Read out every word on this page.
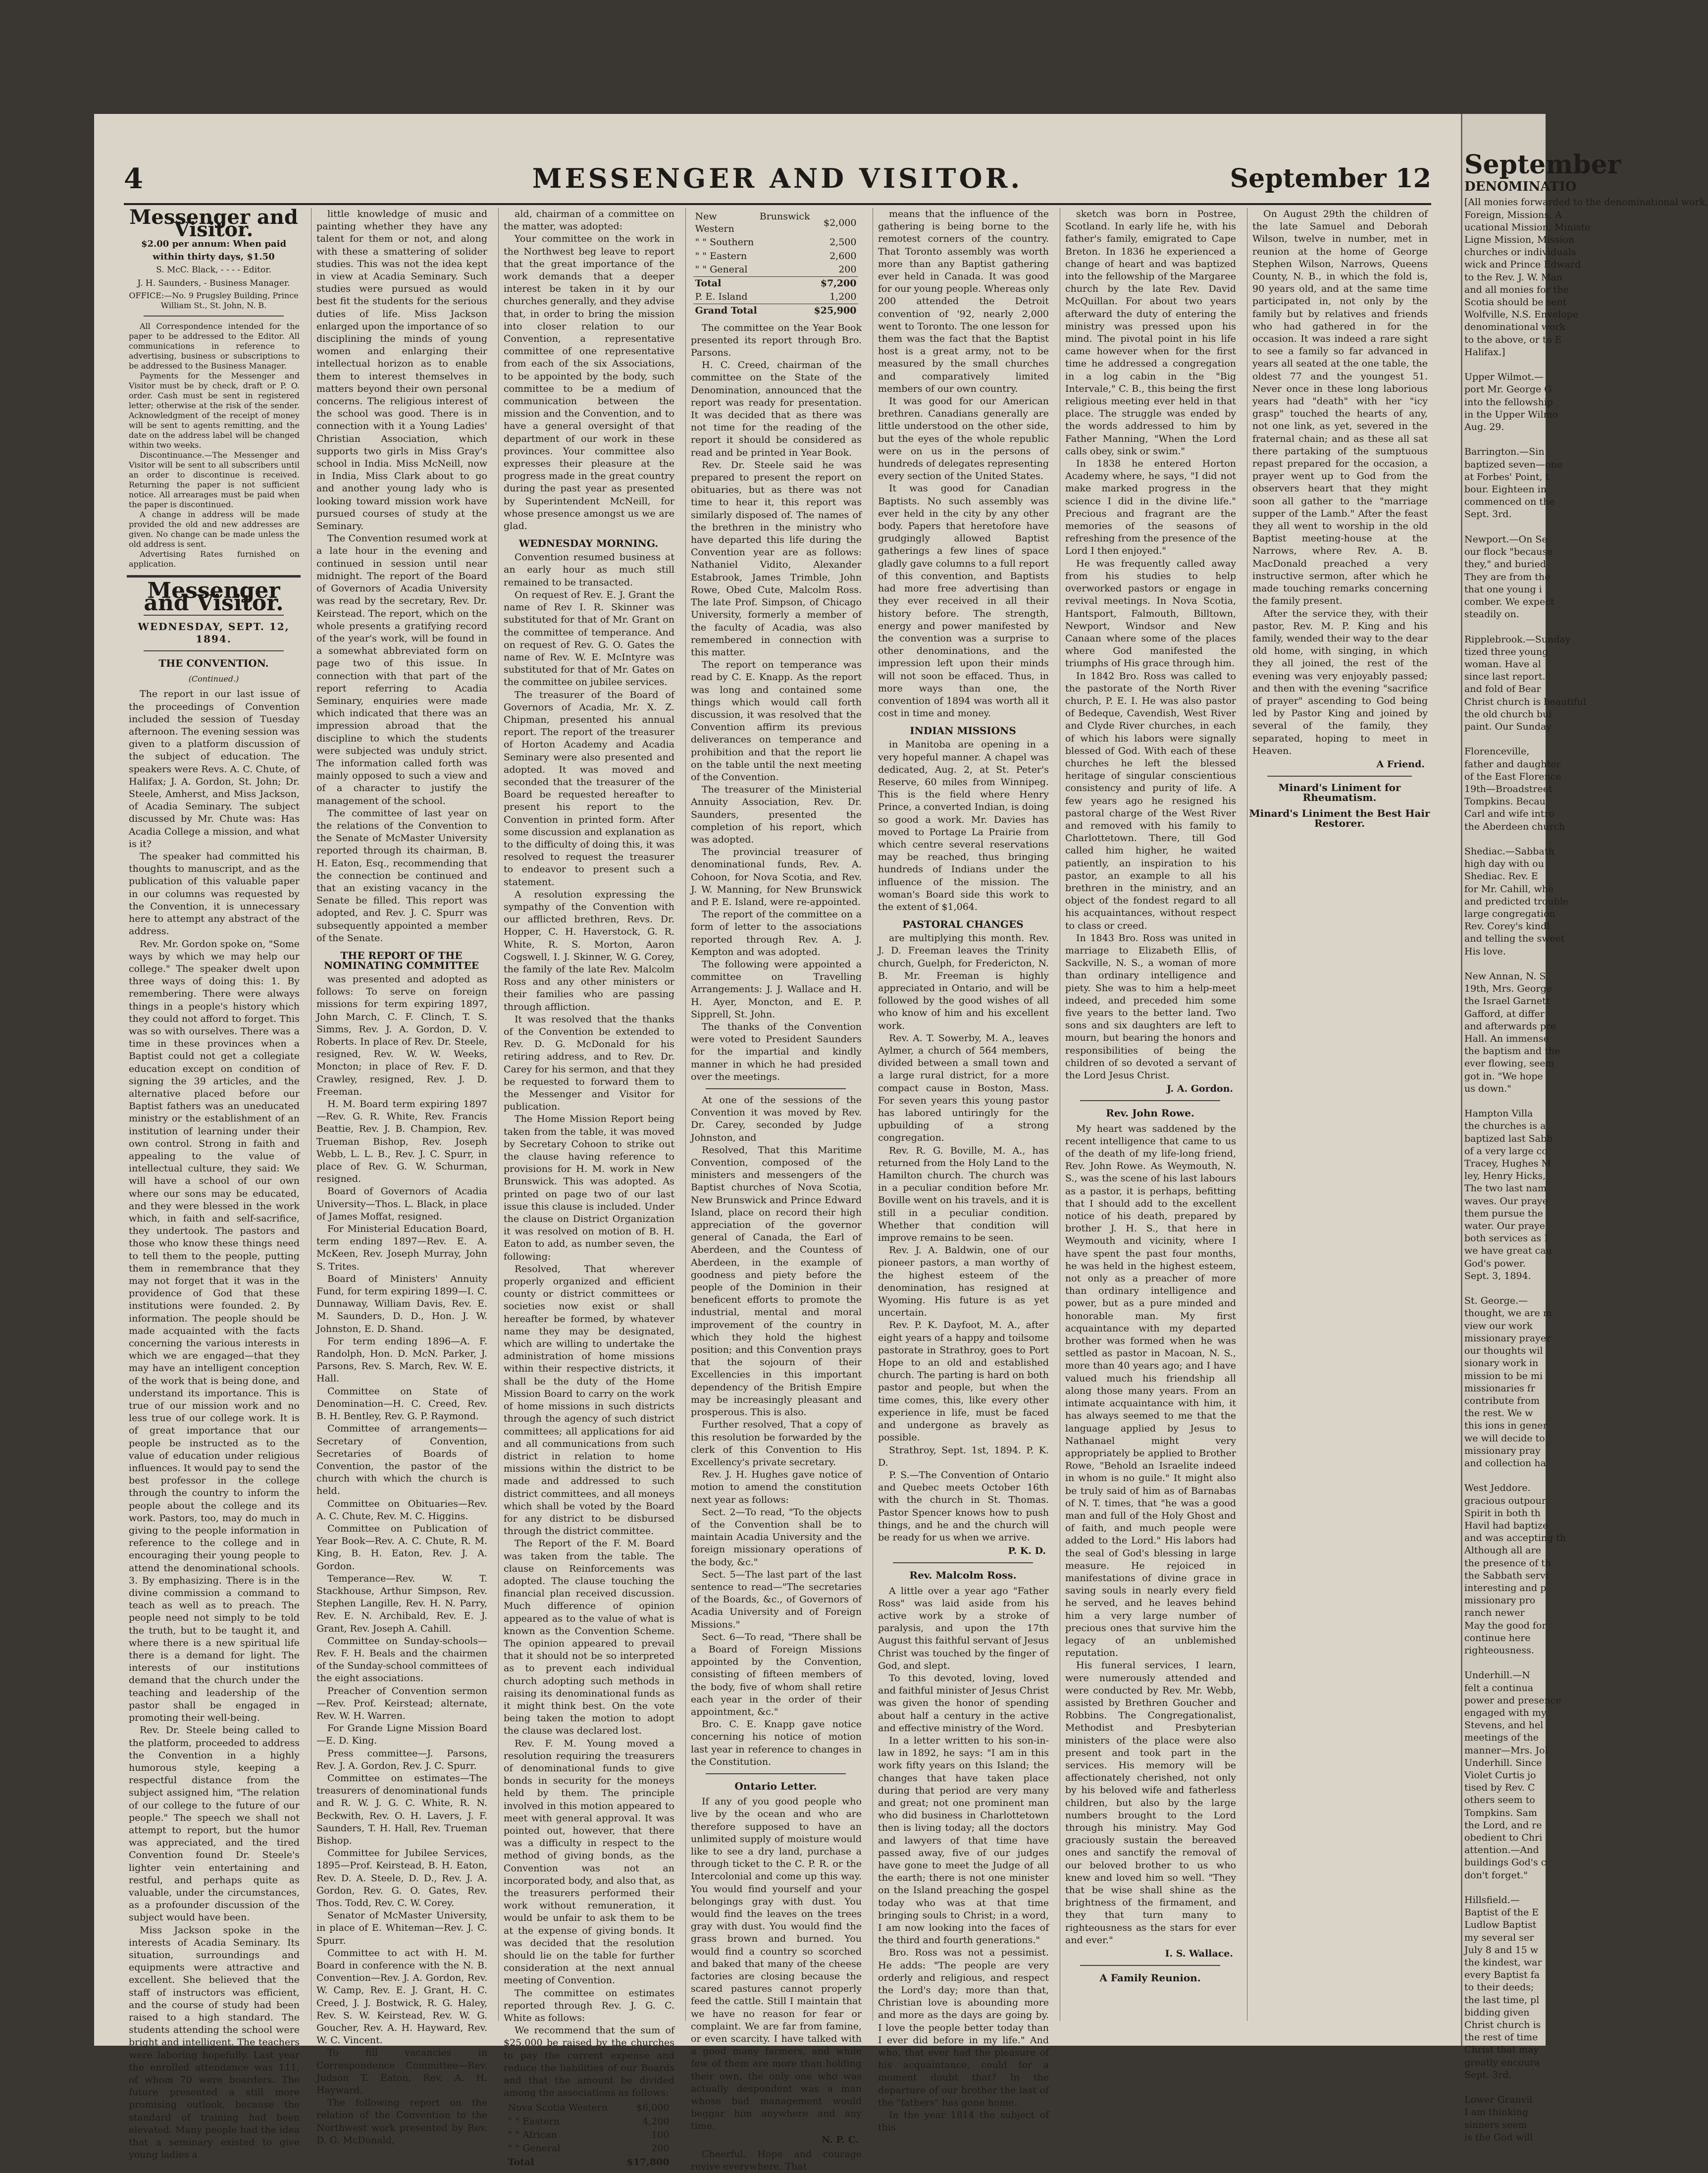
4	MESSENGER AND VISITOR.	September 12
Messenger and Visitor.
$2.00 per annum: When paid within thirty days, $1.50
S. McC. Black, - - - - Editor.
J. H. Saunders, - Business Manager.
OFFICE:—No. 9 Prugsley Building, Prince William St., St. John, N. B.

All Correspondence intended for the paper to be addressed to the Editor. All communications in reference to advertising, business or subscriptions to be addressed to the Business Manager.

Payments for the Messenger and Visitor must be by check, draft or P. O. order. Cash must be sent in registered letter; otherwise at the risk of the sender. Acknowledgment of the receipt of money will be sent to agents remitting, and the date on the address label will be changed within two weeks.

Discontinuance.—The Messenger and Visitor will be sent to all subscribers until an order to discontinue is received. Returning the paper is not sufficient notice. All arrearages must be paid when the paper is discontinued.

A change in address will be made provided the old and new addresses are given. No change can be made unless the old address is sent.

Advertising Rates furnished on application.

Messenger and Visitor.
WEDNESDAY, SEPT. 12, 1894.
THE CONVENTION.
(Continued.)

The report in our last issue of the proceedings of Convention included the session of Tuesday afternoon. The evening session was given to a platform discussion of the subject of education. The speakers were Revs. A. C. Chute, of Halifax; J. A. Gordon, St. John; Dr. Steele, Amherst, and Miss Jackson, of Acadia Seminary. The subject discussed by Mr. Chute was: Has Acadia College a mission, and what is it?

The speaker had committed his thoughts to manuscript, and as the publication of this valuable paper in our columns was requested by the Convention, it is unnecessary here to attempt any abstract of the address.

Rev. Mr. Gordon spoke on, "Some ways by which we may help our college." The speaker dwelt upon three ways of doing this: 1. By remembering. There were always things in a people's history which they could not afford to forget. This was so with ourselves. There was a time in these provinces when a Baptist could not get a collegiate education except on condition of signing the 39 articles, and the alternative placed before our Baptist fathers was an uneducated ministry or the establishment of an institution of learning under their own control. Strong in faith and appealing to the value of intellectual culture, they said: We will have a school of our own where our sons may be educated, and they were blessed in the work which, in faith and self-sacrifice, they undertook. The pastors and those who know these things need to tell them to the people, putting them in remembrance that they may not forget that it was in the providence of God that these institutions were founded. 2. By information. The people should be made acquainted with the facts concerning the various interests in which we are engaged—that they may have an intelligent conception of the work that is being done, and understand its importance. This is true of our mission work and no less true of our college work. It is of great importance that our people be instructed as to the value of education under religious influences. It would pay to send the best professor in the college through the country to inform the people about the college and its work. Pastors, too, may do much in giving to the people information in reference to the college and in encouraging their young people to attend the denominational schools. 3. By emphasizing. There is in the divine commission a command to teach as well as to preach. The people need not simply to be told the truth, but to be taught it, and where there is a new spiritual life there is a demand for light. The interests of our institutions demand that the church under the teaching and leadership of the pastor shall be engaged in promoting their well-being.

Rev. Dr. Steele being called to the platform, proceeded to address the Convention in a highly humorous style, keeping a respectful distance from the subject assigned him, "The relation of our college to the future of our people." The speech we shall not attempt to report, but the humor was appreciated, and the tired Convention found Dr. Steele's lighter vein entertaining and restful, and perhaps quite as valuable, under the circumstances, as a profounder discussion of the subject would have been.

Miss Jackson spoke in the interests of Acadia Seminary. Its situation, surroundings and equipments were attractive and excellent. She believed that the staff of instructors was efficient, and the course of study had been raised to a high standard. The students attending the school were bright and intelligent. The teachers were laboring hopefully. Last year the enrolled attendance was 111, of whom 70 were boarders. The future presented a still more promising outlook, because the standard of training had been elevated. Many people had the idea that a seminary existed to give young ladies a

little knowledge of music and painting whether they have any talent for them or not, and along with these a smattering of solider studies. This was not the idea kept in view at Acadia Seminary. Such studies were pursued as would best fit the students for the serious duties of life. Miss Jackson enlarged upon the importance of so disciplining the minds of young women and enlarging their intellectual horizon as to enable them to interest themselves in matters beyond their own personal concerns. The religious interest of the school was good. There is in connection with it a Young Ladies' Christian Association, which supports two girls in Miss Gray's school in India. Miss McNeill, now in India, Miss Clark about to go and another young lady who is looking toward mission work have pursued courses of study at the Seminary.

The Convention resumed work at a late hour in the evening and continued in session until near midnight. The report of the Board of Governors of Acadia University was read by the secretary, Rev. Dr. Keirstead. The report, which on the whole presents a gratifying record of the year's work, will be found in a somewhat abbreviated form on page two of this issue. In connection with that part of the report referring to Acadia Seminary, enquiries were made which indicated that there was an impression abroad that the discipline to which the students were subjected was unduly strict. The information called forth was mainly opposed to such a view and of a character to justify the management of the school.

The committee of last year on the relations of the Convention to the Senate of McMaster University reported through its chairman, B. H. Eaton, Esq., recommending that the connection be continued and that an existing vacancy in the Senate be filled. This report was adopted, and Rev. J. C. Spurr was subsequently appointed a member of the Senate.

THE REPORT OF THE NOMINATING COMMITTEE

was presented and adopted as follows: To serve on foreign missions for term expiring 1897, John March, C. F. Clinch, T. S. Simms, Rev. J. A. Gordon, D. V. Roberts. In place of Rev. Dr. Steele, resigned, Rev. W. W. Weeks, Moncton; in place of Rev. F. D. Crawley, resigned, Rev. J. D. Freeman.

H. M. Board term expiring 1897—Rev. G. R. White, Rev. Francis Beattie, Rev. J. B. Champion, Rev. Trueman Bishop, Rev. Joseph Webb, L. L. B., Rev. J. C. Spurr, in place of Rev. G. W. Schurman, resigned.

Board of Governors of Acadia University—Thos. L. Black, in place of James Moffat, resigned.

For Ministerial Education Board, term ending 1897—Rev. E. A. McKeen, Rev. Joseph Murray, John S. Trites.

Board of Ministers' Annuity Fund, for term expiring 1899—I. C. Dunnaway, William Davis, Rev. E. M. Saunders, D. D., Hon. J. W. Johnston, E. D. Shand.

For term ending 1896—A. F. Randolph, Hon. D. McN. Parker, J. Parsons, Rev. S. March, Rev. W. E. Hall.

Committee on State of Denomination—H. C. Creed, Rev. B. H. Bentley, Rev. G. P. Raymond.

Committee of arrangements—Secretary of Convention, Secretaries of Boards of Convention, the pastor of the church with which the church is held.

Committee on Obituaries—Rev. A. C. Chute, Rev. M. C. Higgins.

Committee on Publication of Year Book—Rev. A. C. Chute, R. M. King, B. H. Eaton, Rev. J. A. Gordon.

Temperance—Rev. W. T. Stackhouse, Arthur Simpson, Rev. Stephen Langille, Rev. H. N. Parry, Rev. E. N. Archibald, Rev. E. J. Grant, Rev. Joseph A. Cahill.

Committee on Sunday-schools—Rev. F. H. Beals and the chairmen of the Sunday-school committees of the eight associations.

Preacher of Convention sermon—Rev. Prof. Keirstead; alternate, Rev. W. H. Warren.

For Grande Ligne Mission Board—E. D. King.

Press committee—J. Parsons, Rev. J. A. Gordon, Rev. J. C. Spurr.

Committee on estimates—The treasurers of denominational funds and R. W. J. G. C. White, R. N. Beckwith, Rev. O. H. Lavers, J. F. Saunders, T. H. Hall, Rev. Trueman Bishop.

Committee for Jubilee Services, 1895—Prof. Keirstead, B. H. Eaton, Rev. D. A. Steele, D. D., Rev. J. A. Gordon, Rev. G. O. Gates, Rev. Thos. Todd, Rev. C. W. Corey.

Senator of McMaster University, in place of E. Whiteman—Rev. J. C. Spurr.

Committee to act with H. M. Board in conference with the N. B. Convention—Rev. J. A. Gordon, Rev. W. Camp, Rev. E. J. Grant, H. C. Creed, J. J. Bostwick, R. G. Haley, Rev. S. W. Keirstead, Rev. W. G. Goucher, Rev. A. H. Hayward, Rev. W. C. Vincent.

To fill vacancies in Correspondence Committee—Rev. Judson T. Eaton, Rev. A. H. Hayward.

The following report on the relation of the Convention to the Northwest work presented by Rev. D. G. McDonald,

ald, chairman of a committee on the matter, was adopted:

Your committee on the work in the Northwest beg leave to report that the great importance of the work demands that a deeper interest be taken in it by our churches generally, and they advise that, in order to bring the mission into closer relation to our Convention, a representative committee of one representative from each of the six Associations, to be appointed by the body, such committee to be a medium of communication between the mission and the Convention, and to have a general oversight of that department of our work in these provinces. Your committee also expresses their pleasure at the progress made in the great country during the past year as presented by Superintendent McNeill, for whose presence amongst us we are glad.

WEDNESDAY MORNING.

Convention resumed business at an early hour as much still remained to be transacted.

On request of Rev. E. J. Grant the name of Rev I. R. Skinner was substituted for that of Mr. Grant on the committee of temperance. And on request of Rev. G. O. Gates the name of Rev. W. E. McIntyre was substituted for that of Mr. Gates on the committee on jubilee services.

The treasurer of the Board of Governors of Acadia, Mr. X. Z. Chipman, presented his annual report. The report of the treasurer of Horton Academy and Acadia Seminary were also presented and adopted. It was moved and seconded that the treasurer of the Board be requested hereafter to present his report to the Convention in printed form. After some discussion and explanation as to the difficulty of doing this, it was resolved to request the treasurer to endeavor to present such a statement.

A resolution expressing the sympathy of the Convention with our afflicted brethren, Revs. Dr. Hopper, C. H. Haverstock, G. R. White, R. S. Morton, Aaron Cogswell, I. J. Skinner, W. G. Corey, the family of the late Rev. Malcolm Ross and any other ministers or their families who are passing through affliction.

It was resolved that the thanks of the Convention be extended to Rev. D. G. McDonald for his retiring address, and to Rev. Dr. Carey for his sermon, and that they be requested to forward them to the Messenger and Visitor for publication.

The Home Mission Report being taken from the table, it was moved by Secretary Cohoon to strike out the clause having reference to provisions for H. M. work in New Brunswick. This was adopted. As printed on page two of our last issue this clause is included. Under the clause on District Organization it was resolved on motion of B. H. Eaton to add, as number seven, the following:

Resolved, That wherever properly organized and efficient county or district committees or societies now exist or shall hereafter be formed, by whatever name they may be designated, which are willing to undertake the administration of home missions within their respective districts, it shall be the duty of the Home Mission Board to carry on the work of home missions in such districts through the agency of such district committees; all applications for aid and all communications from such district in relation to home missions within the district to be made and addressed to such district committees, and all moneys which shall be voted by the Board for any district to be disbursed through the district committee.

The Report of the F. M. Board was taken from the table. The clause on Reinforcements was adopted. The clause touching the financial plan received discussion. Much difference of opinion appeared as to the value of what is known as the Convention Scheme. The opinion appeared to prevail that it should not be so interpreted as to prevent each individual church adopting such methods in raising its denominational funds as it might think best. On the vote being taken the motion to adopt the clause was declared lost.

Rev. F. M. Young moved a resolution requiring the treasurers of denominational funds to give bonds in security for the moneys held by them. The principle involved in this motion appeared to meet with general approval. It was pointed out, however, that there was a difficulty in respect to the method of giving bonds, as the Convention was not an incorporated body, and also that, as the treasurers performed their work without remuneration, it would be unfair to ask them to be at the expense of giving bonds. It was decided that the resolution should lie on the table for further consideration at the next annual meeting of Convention.

The committee on estimates reported through Rev. J. G. C. White as follows:

We recommend that the sum of $25,000 be raised by the churches to pay the current expense and reduce the liabilities of our Boards and that the amount be divided among the associations as follows:

Nova Scotia Western	$6,000
" " Eastern	4,200
" " African	100
" " General	200
Total	$17,800
New Brunswick Western	$2,000
" " Southern	2,500
" " Eastern	2,600
" " General	200
Total	$7,200
P. E. Island	1,200
Grand Total	$25,900

The committee on the Year Book presented its report through Bro. Parsons.

H. C. Creed, chairman of the committee on the State of the Denomination, announced that the report was ready for presentation. It was decided that as there was not time for the reading of the report it should be considered as read and be printed in Year Book.

Rev. Dr. Steele said he was prepared to present the report on obituaries, but as there was not time to hear it, this report was similarly disposed of. The names of the brethren in the ministry who have departed this life during the Convention year are as follows: Nathaniel Vidito, Alexander Estabrook, James Trimble, John Rowe, Obed Cute, Malcolm Ross. The late Prof. Simpson, of Chicago University, formerly a member of the faculty of Acadia, was also remembered in connection with this matter.

The report on temperance was read by C. E. Knapp. As the report was long and contained some things which would call forth discussion, it was resolved that the Convention affirm its previous deliverances on temperance and prohibition and that the report lie on the table until the next meeting of the Convention.

The treasurer of the Ministerial Annuity Association, Rev. Dr. Saunders, presented the completion of his report, which was adopted.

The provincial treasurer of denominational funds, Rev. A. Cohoon, for Nova Scotia, and Rev. J. W. Manning, for New Brunswick and P. E. Island, were re-appointed.

The report of the committee on a form of letter to the associations reported through Rev. A. J. Kempton and was adopted.

The following were appointed a committee on Travelling Arrangements: J. J. Wallace and H. H. Ayer, Moncton, and E. P. Sipprell, St. John.

The thanks of the Convention were voted to President Saunders for the impartial and kindly manner in which he had presided over the meetings.

At one of the sessions of the Convention it was moved by Rev. Dr. Carey, seconded by Judge Johnston, and

Resolved, That this Maritime Convention, composed of the ministers and messengers of the Baptist churches of Nova Scotia, New Brunswick and Prince Edward Island, place on record their high appreciation of the governor general of Canada, the Earl of Aberdeen, and the Countess of Aberdeen, in the example of goodness and piety before the people of the Dominion in their beneficent efforts to promote the industrial, mental and moral improvement of the country in which they hold the highest position; and this Convention prays that the sojourn of their Excellencies in this important dependency of the British Empire may be increasingly pleasant and prosperous. This is also.

Further resolved, That a copy of this resolution be forwarded by the clerk of this Convention to His Excellency's private secretary.

Rev. J. H. Hughes gave notice of motion to amend the constitution next year as follows:

Sect. 2—To read, "To the objects of the Convention shall be to maintain Acadia University and the foreign missionary operations of the body, &c."

Sect. 5—The last part of the last sentence to read—"The secretaries of the Boards, &c., of Governors of Acadia University and of Foreign Missions."

Sect. 6—To read, "There shall be a Board of Foreign Missions appointed by the Convention, consisting of fifteen members of the body, five of whom shall retire each year in the order of their appointment, &c."

Bro. C. E. Knapp gave notice concerning his notice of motion last year in reference to changes in the Constitution.

Ontario Letter.

If any of you good people who live by the ocean and who are therefore supposed to have an unlimited supply of moisture would like to see a dry land, purchase a through ticket to the C. P. R. or the Intercolonial and come up this way. You would find yourself and your belongings gray with dust. You would find the leaves on the trees gray with dust. You would find the grass brown and burned. You would find a country so scorched and baked that many of the cheese factories are closing because the scared pastures cannot properly feed the cattle. Still I maintain that we have no reason for fear or complaint. We are far from famine, or even scarcity. I have talked with a good many farmers, and while few of them are more than holding their own, the only one who was actually despondent was a man whose bad management would beggar him anywhere and any time.

N. P. C.

Cheerful. Hope and courage revive everywhere. That

means that the influence of the gathering is being borne to the remotest corners of the country. That Toronto assembly was worth more than any Baptist gathering ever held in Canada. It was good for our young people. Whereas only 200 attended the Detroit convention of '92, nearly 2,000 went to Toronto. The one lesson for them was the fact that the Baptist host is a great army, not to be measured by the small churches and comparatively limited members of our own country.

It was good for our American brethren. Canadians generally are little understood on the other side, but the eyes of the whole republic were on us in the persons of hundreds of delegates representing every section of the United States.

It was good for Canadian Baptists. No such assembly was ever held in the city by any other body. Papers that heretofore have grudgingly allowed Baptist gatherings a few lines of space gladly gave columns to a full report of this convention, and Baptists had more free advertising than they ever received in all their history before. The strength, energy and power manifested by the convention was a surprise to other denominations, and the impression left upon their minds will not soon be effaced. Thus, in more ways than one, the convention of 1894 was worth all it cost in time and money.

INDIAN MISSIONS

in Manitoba are opening in a very hopeful manner. A chapel was dedicated, Aug. 2, at St. Peter's Reserve, 60 miles from Winnipeg. This is the field where Henry Prince, a converted Indian, is doing so good a work. Mr. Davies has moved to Portage La Prairie from which centre several reservations may be reached, thus bringing hundreds of Indians under the influence of the mission. The woman's Board side this work to the extent of $1,064.

PASTORAL CHANGES

are multiplying this month. Rev. J. D. Freeman leaves the Trinity church, Guelph, for Fredericton, N. B. Mr. Freeman is highly appreciated in Ontario, and will be followed by the good wishes of all who know of him and his excellent work.

Rev. A. T. Sowerby, M. A., leaves Aylmer, a church of 564 members, divided between a small town and a large rural district, for a more compact cause in Boston, Mass. For seven years this young pastor has labored untiringly for the upbuilding of a strong congregation.

Rev. R. G. Boville, M. A., has returned from the Holy Land to the Hamilton church. The church was in a peculiar condition before Mr. Boville went on his travels, and it is still in a peculiar condition. Whether that condition will improve remains to be seen.

Rev. J. A. Baldwin, one of our pioneer pastors, a man worthy of the highest esteem of the denomination, has resigned at Wyoming. His future is as yet uncertain.

Rev. P. K. Dayfoot, M. A., after eight years of a happy and toilsome pastorate in Strathroy, goes to Port Hope to an old and established church. The parting is hard on both pastor and people, but when the time comes, this, like every other experience in life, must be faced and undergone as bravely as possible.

Strathroy, Sept. 1st, 1894. P. K. D.

P. S.—The Convention of Ontario and Quebec meets October 16th with the church in St. Thomas. Pastor Spencer knows how to push things, and he and the church will be ready for us when we arrive.

P. K. D.
Rev. Malcolm Ross.

A little over a year ago "Father Ross" was laid aside from his active work by a stroke of paralysis, and upon the 17th August this faithful servant of Jesus Christ was touched by the finger of God, and slept.

To this devoted, loving, loved and faithful minister of Jesus Christ was given the honor of spending about half a century in the active and effective ministry of the Word.

In a letter written to his son-in-law in 1892, he says: "I am in this work fifty years on this Island; the changes that have taken place during that period are very many and great; not one prominent man who did business in Charlottetown then is living today; all the doctors and lawyers of that time have passed away, five of our judges have gone to meet the Judge of all the earth; there is not one minister on the Island preaching the gospel today who was at that time bringing souls to Christ; in a word, I am now looking into the faces of the third and fourth generations."

Bro. Ross was not a pessimist. He adds: "The people are very orderly and religious, and respect the Lord's day; more than that, Christian love is abounding more and more as the days are going by. I love the people better today than I ever did before in my life." And who, that ever had the pleasure of his acquaintance, could for a moment doubt that? In the departure of our brother the last of the "fathers" has gone home.

In the year 1814 the subject of this

sketch was born in Postree, Scotland. In early life he, with his father's family, emigrated to Cape Breton. In 1836 he experienced a change of heart and was baptized into the fellowship of the Margaree church by the late Rev. David McQuillan. For about two years afterward the duty of entering the ministry was pressed upon his mind. The pivotal point in his life came however when for the first time he addressed a congregation in a log cabin in the "Big Intervale," C. B., this being the first religious meeting ever held in that place. The struggle was ended by the words addressed to him by Father Manning, "When the Lord calls obey, sink or swim."

In 1838 he entered Horton Academy where, he says, "I did not make marked progress in the science I did in the divine life." Precious and fragrant are the memories of the seasons of refreshing from the presence of the Lord I then enjoyed."

He was frequently called away from his studies to help overworked pastors or engage in revival meetings. In Nova Scotia, Hantsport, Falmouth, Billtown, Newport, Windsor and New Canaan where some of the places where God manifested the triumphs of His grace through him.

In 1842 Bro. Ross was called to the pastorate of the North River church, P. E. I. He was also pastor of Bedeque, Cavendish, West River and Clyde River churches, in each of which his labors were signally blessed of God. With each of these churches he left the blessed heritage of singular conscientious consistency and purity of life. A few years ago he resigned his pastoral charge of the West River and removed with his family to Charlottetown. There, till God called him higher, he waited patiently, an inspiration to his pastor, an example to all his brethren in the ministry, and an object of the fondest regard to all his acquaintances, without respect to class or creed.

In 1843 Bro. Ross was united in marriage to Elizabeth Ellis, of Sackville, N. S., a woman of more than ordinary intelligence and piety. She was to him a help-meet indeed, and preceded him some five years to the better land. Two sons and six daughters are left to mourn, but bearing the honors and responsibilities of being the children of so devoted a servant of the Lord Jesus Christ.

J. A. Gordon.
Rev. John Rowe.

My heart was saddened by the recent intelligence that came to us of the death of my life-long friend, Rev. John Rowe. As Weymouth, N. S., was the scene of his last labours as a pastor, it is perhaps, befitting that I should add to the excellent notice of his death, prepared by brother J. H. S., that here in Weymouth and vicinity, where I have spent the past four months, he was held in the highest esteem, not only as a preacher of more than ordinary intelligence and power, but as a pure minded and honorable man. My first acquaintance with my departed brother was formed when he was settled as pastor in Macoan, N. S., more than 40 years ago; and I have valued much his friendship all along those many years. From an intimate acquaintance with him, it has always seemed to me that the language applied by Jesus to Nathanael might very appropriately be applied to Brother Rowe, "Behold an Israelite indeed in whom is no guile." It might also be truly said of him as of Barnabas of N. T. times, that "he was a good man and full of the Holy Ghost and of faith, and much people were added to the Lord." His labors had the seal of God's blessing in large measure. He rejoiced in manifestations of divine grace in saving souls in nearly every field he served, and he leaves behind him a very large number of precious ones that survive him the legacy of an unblemished reputation.

His funeral services, I learn, were numerously attended and were conducted by Rev. Mr. Webb, assisted by Brethren Goucher and Robbins. The Congregationalist, Methodist and Presbyterian ministers of the place were also present and took part in the services. His memory will be affectionately cherished, not only by his beloved wife and fatherless children, but also by the large numbers brought to the Lord through his ministry. May God graciously sustain the bereaved ones and sanctify the removal of our beloved brother to us who knew and loved him so well. "They that be wise shall shine as the brightness of the firmament, and they that turn many to righteousness as the stars for ever and ever."

I. S. Wallace.
A Family Reunion.

On August 29th the children of the late Samuel and Deborah Wilson, twelve in number, met in reunion at the home of George Stephen Wilson, Narrows, Queens County, N. B., in which the fold is, 90 years old, and at the same time participated in, not only by the family but by relatives and friends who had gathered in for the occasion. It was indeed a rare sight to see a family so far advanced in years all seated at the one table, the oldest 77 and the youngest 51. Never once in these long laborious years had "death" with her "icy grasp" touched the hearts of any, not one link, as yet, severed in the fraternal chain; and as these all sat there partaking of the sumptuous repast prepared for the occasion, a prayer went up to God from the observers heart that they might soon all gather to the "marriage supper of the Lamb." After the feast they all went to worship in the old Baptist meeting-house at the Narrows, where Rev. A. B. MacDonald preached a very instructive sermon, after which he made touching remarks concerning the family present.

After the service they, with their pastor, Rev. M. P. King and his family, wended their way to the dear old home, with singing, in which they all joined, the rest of the evening was very enjoyably passed; and then with the evening "sacrifice of prayer" ascending to God being led by Pastor King and joined by several of the family, they separated, hoping to meet in Heaven.

A Friend.
Minard's Liniment for Rheumatism.
Minard's Liniment the Best Hair Restorer.
September
DENOMINATIO
[All monies forwarded to the denominational work,
Foreign, Missions, A
ucational Mission, Ministe
Ligne Mission, Mission
churches or individuals
wick and Prince Edward
to the Rev. J. W. Man
and all monies for the
Scotia should be sent
Wolfville, N.S. Envelope
denominational work
to the above, or to E
Halifax.]

Upper Wilmot.—
port Mr. George G
into the fellowship
in the Upper Wilmo
Aug. 29.

Barrington.—Sin
baptized seven—one
at Forbes' Point, t
bour. Eighteen in
commenced on the
Sept. 3rd.

Newport.—On Se
our flock "because
they," and buried
They are from the
that one young i
comber. We expect
steadily on.

Ripplebrook.—Sunday
tized three young
woman. Have al
since last report.
and fold of Bear
Christ church is beautiful
the old church bui
paint. Our Sunday

Florenceville,
father and daughter
of the East Florence
19th—Broadstreet
Tompkins. Becau
Carl and wife intro
the Aberdeen church

Shediac.—Sabbath
high day with ou
Shediac. Rev. E
for Mr. Cahill, whe
and predicted trouble
large congregation
Rev. Corey's kindl
and telling the sweet
His love.

New Annan, N. S.
19th, Mrs. George
the Israel Garnett
Gafford, at differ
and afterwards pre
Hall. An immense
the baptism and the
ever flowing, seem
got in. "We hope
us down."

Hampton Villa
the churches is a
baptized last Sabb
of a very large co
Tracey, Hughes M
ley, Henry Hicks,
The two last nam
waves. Our praye
them pursue the
water. Our praye
both services as I
we have great cau
God's power.
Sept. 3, 1894.

St. George.—
thought, we are m
view our work
missionary prayer
our thoughts wil
sionary work in
mission to be mi
missionaries fr
contribute from
the rest. We w
this ions in gener
we will decide to
missionary pray
and collection ha

West Jeddore.
gracious outpour
Spirit in both th
Havil had baptize
and was accepting th
Although all are
the presence of th
the Sabbath servi
interesting and p
missionary pro
ranch newer
May the good for
continue here
righteousness.

Underhill.—N
felt a continua
power and presence
engaged with my
Stevens, and hel
meetings of the
manner—Mrs. Jol
Underhill. Since
Violet Curtis jo
tised by Rev. C
others seem to
Tompkins. Sam
the Lord, and re
obedient to Chri
attention.—And
buildings God's c
don't forget."

Hillsfield.—
Baptist of the E
Ludlow Baptist
my several ser
July 8 and 15 w
the kindest, war
every Baptist fa
to their deeds;
the last time, pl
bidding given
Christ church is
the rest of time
Christ that may
greatly encoura
Sept. 3rd.

Lower Granvil
I am thinking
sinners seem
is the God will
